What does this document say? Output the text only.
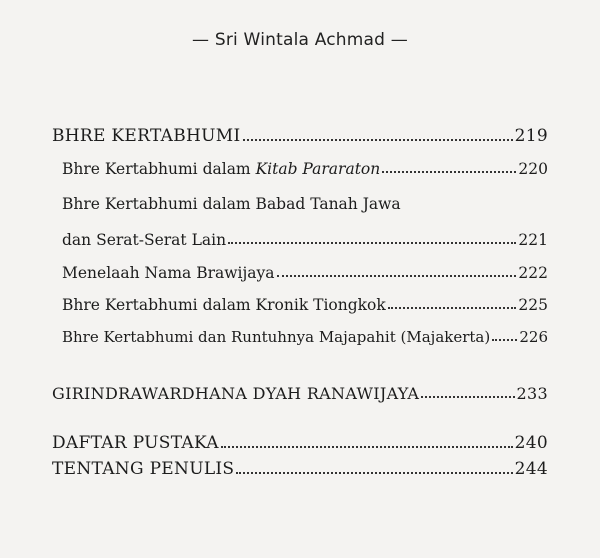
— Sri Wintala Achmad —
BHRE KERTABHUMI	219
Bhre Kertabhumi dalam Kitab Pararaton	220
Bhre Kertabhumi dalam Babad Tanah Jawa
dan Serat-Serat Lain	221
Menelaah Nama Brawijaya	222
Bhre Kertabhumi dalam Kronik Tiongkok	225
Bhre Kertabhumi dan Runtuhnya Majapahit (Majakerta) 226
GIRINDRAWARDHANA DYAH RANAWIJAYA	233
DAFTAR PUSTAKA	240
TENTANG PENULIS	244
